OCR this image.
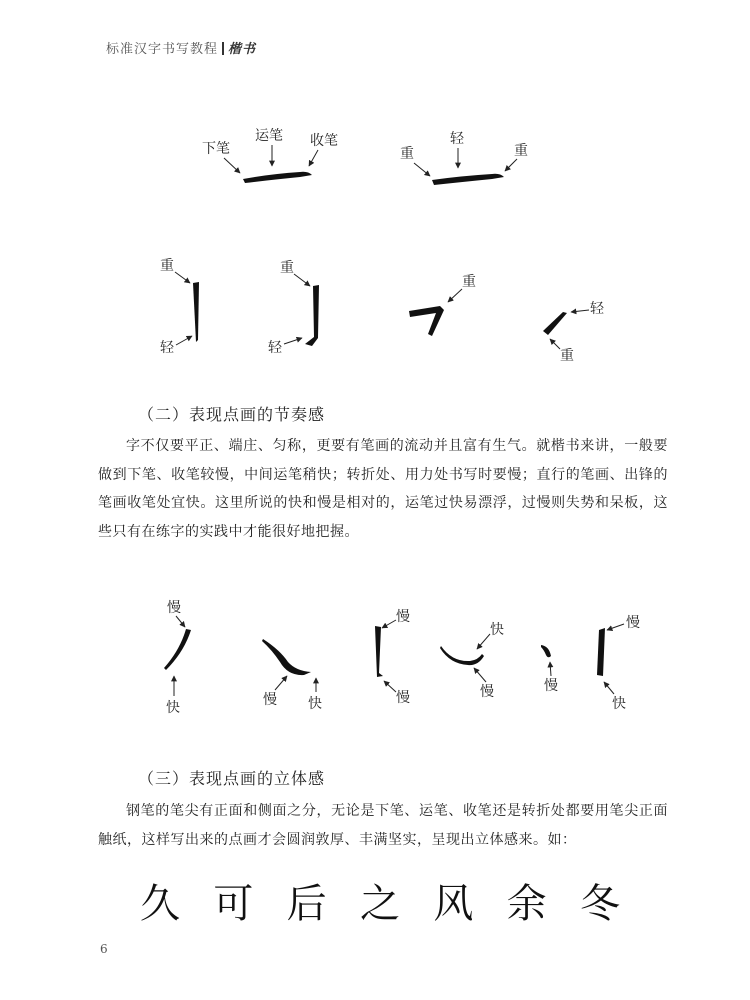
标准汉字书写教程 楷书
下笔
运笔 收笔
重
轻
重
重
轻
重
轻
重
轻
重
（二）表现点画的节奏感
字不仅要平正、端庄、匀称，更要有笔画的流动并且富有生气。就楷书来讲，一般要做到下笔、收笔较慢，中间运笔稍快；转折处、用力处书写时要慢；直行的笔画、出锋的笔画收笔处宜快。这里所说的快和慢是相对的，运笔过快易漂浮，过慢则失势和呆板，这些只有在练字的实践中才能很好地把握。
慢
快	慢 快
慢
慢
快
慢	慢
慢
快
（三）表现点画的立体感
钢笔的笔尖有正面和侧面之分，无论是下笔、运笔、收笔还是转折处都要用笔尖正面触纸，这样写出来的点画才会圆润敦厚、丰满坚实，呈现出立体感来。如：
久 可 后 之 风 余 冬
6
